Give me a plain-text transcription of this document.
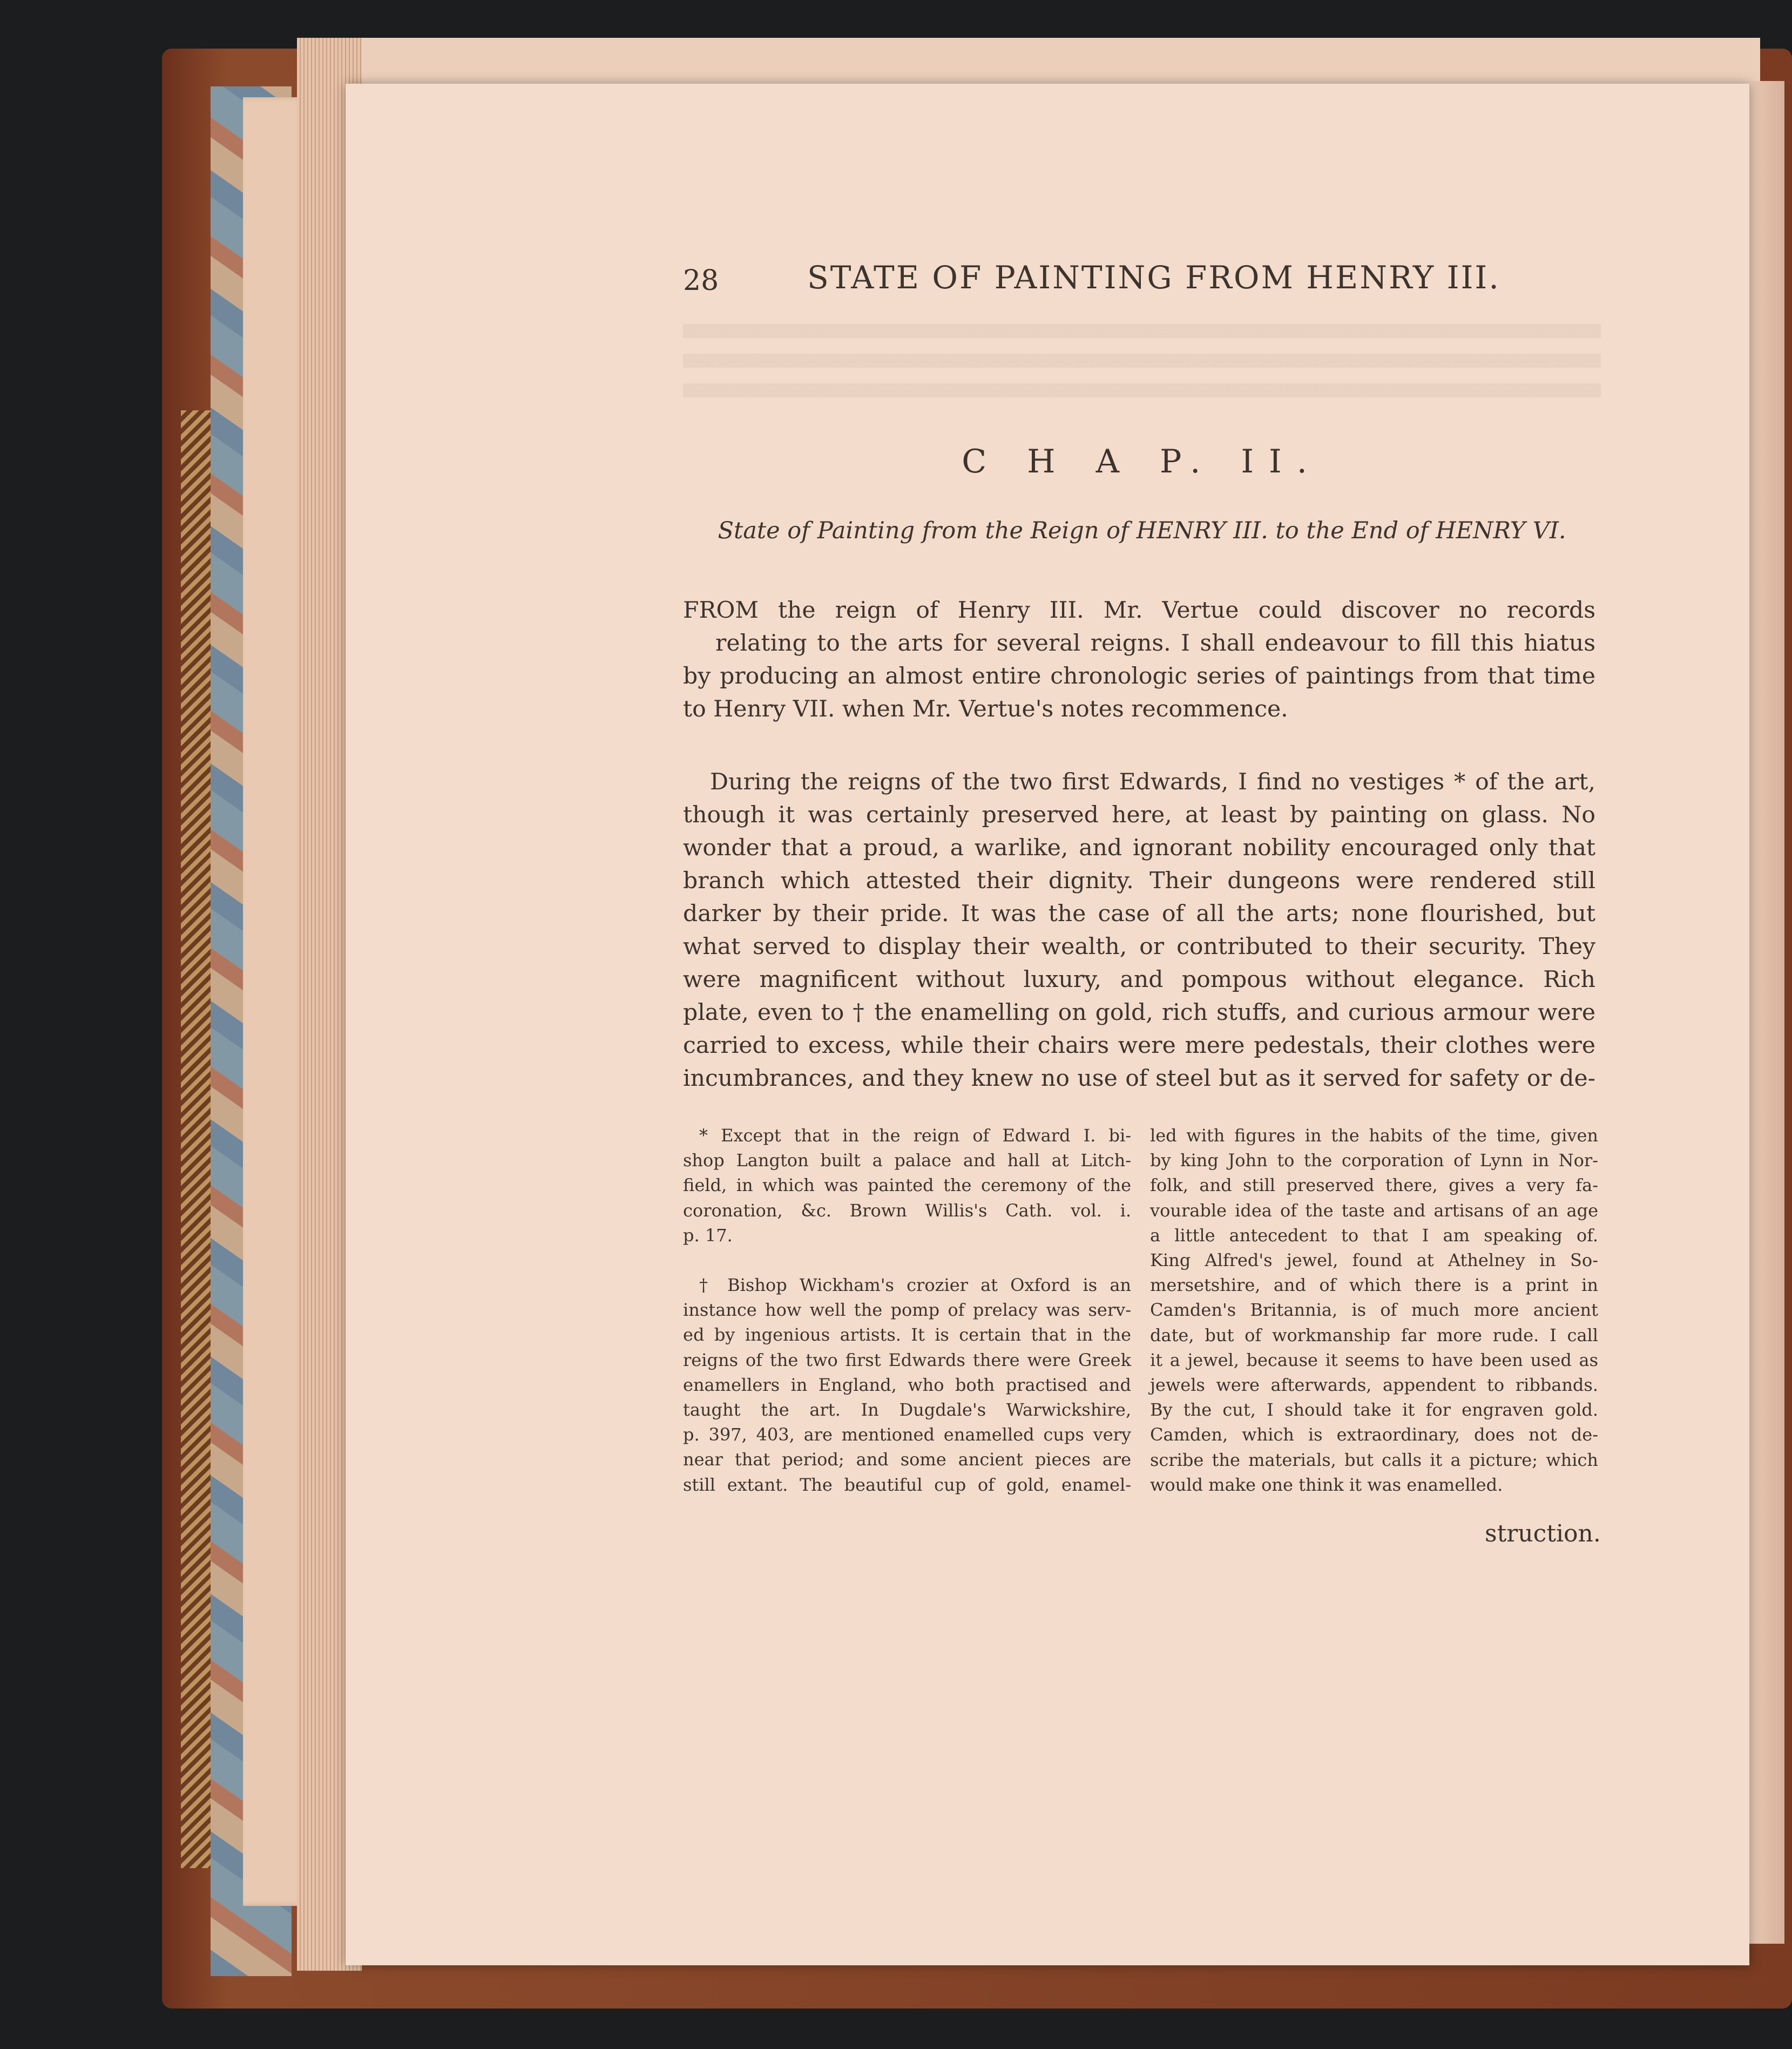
28	STATE OF PAINTING FROM HENRY III.
C H A P. II.
State of Painting from the Reign of HENRY III. to the End of HENRY VI.

FROM the reign of Henry III. Mr. Vertue could discover no records
relating to the arts for several reigns. I shall endeavour to fill this hiatus
by producing an almost entire chronologic series of paintings from that time
to Henry VII. when Mr. Vertue's notes recommence.

During the reigns of the two first Edwards, I find no vestiges * of the art,
though it was certainly preserved here, at least by painting on glass. No
wonder that a proud, a warlike, and ignorant nobility encouraged only that
branch which attested their dignity. Their dungeons were rendered still
darker by their pride. It was the case of all the arts; none flourished, but
what served to display their wealth, or contributed to their security. They
were magnificent without luxury, and pompous without elegance. Rich
plate, even to † the enamelling on gold, rich stuffs, and curious armour were
carried to excess, while their chairs were mere pedestals, their clothes were
incumbrances, and they knew no use of steel but as it served for safety or de-

* Except that in the reign of Edward I. bi-
shop Langton built a palace and hall at Litch-
field, in which was painted the ceremony of the
coronation, &c. Brown Willis's Cath. vol. i.
p. 17.
† Bishop Wickham's crozier at Oxford is an
instance how well the pomp of prelacy was serv-
ed by ingenious artists. It is certain that in the
reigns of the two first Edwards there were Greek
enamellers in England, who both practised and
taught the art. In Dugdale's Warwickshire,
p. 397, 403, are mentioned enamelled cups very
near that period; and some ancient pieces are
still extant. The beautiful cup of gold, enamel-

led with figures in the habits of the time, given
by king John to the corporation of Lynn in Nor-
folk, and still preserved there, gives a very fa-
vourable idea of the taste and artisans of an age
a little antecedent to that I am speaking of.
King Alfred's jewel, found at Athelney in So-
mersetshire, and of which there is a print in
Camden's Britannia, is of much more ancient
date, but of workmanship far more rude. I call
it a jewel, because it seems to have been used as
jewels were afterwards, appendent to ribbands.
By the cut, I should take it for engraven gold.
Camden, which is extraordinary, does not de-
scribe the materials, but calls it a picture; which
would make one think it was enamelled.

struction.
